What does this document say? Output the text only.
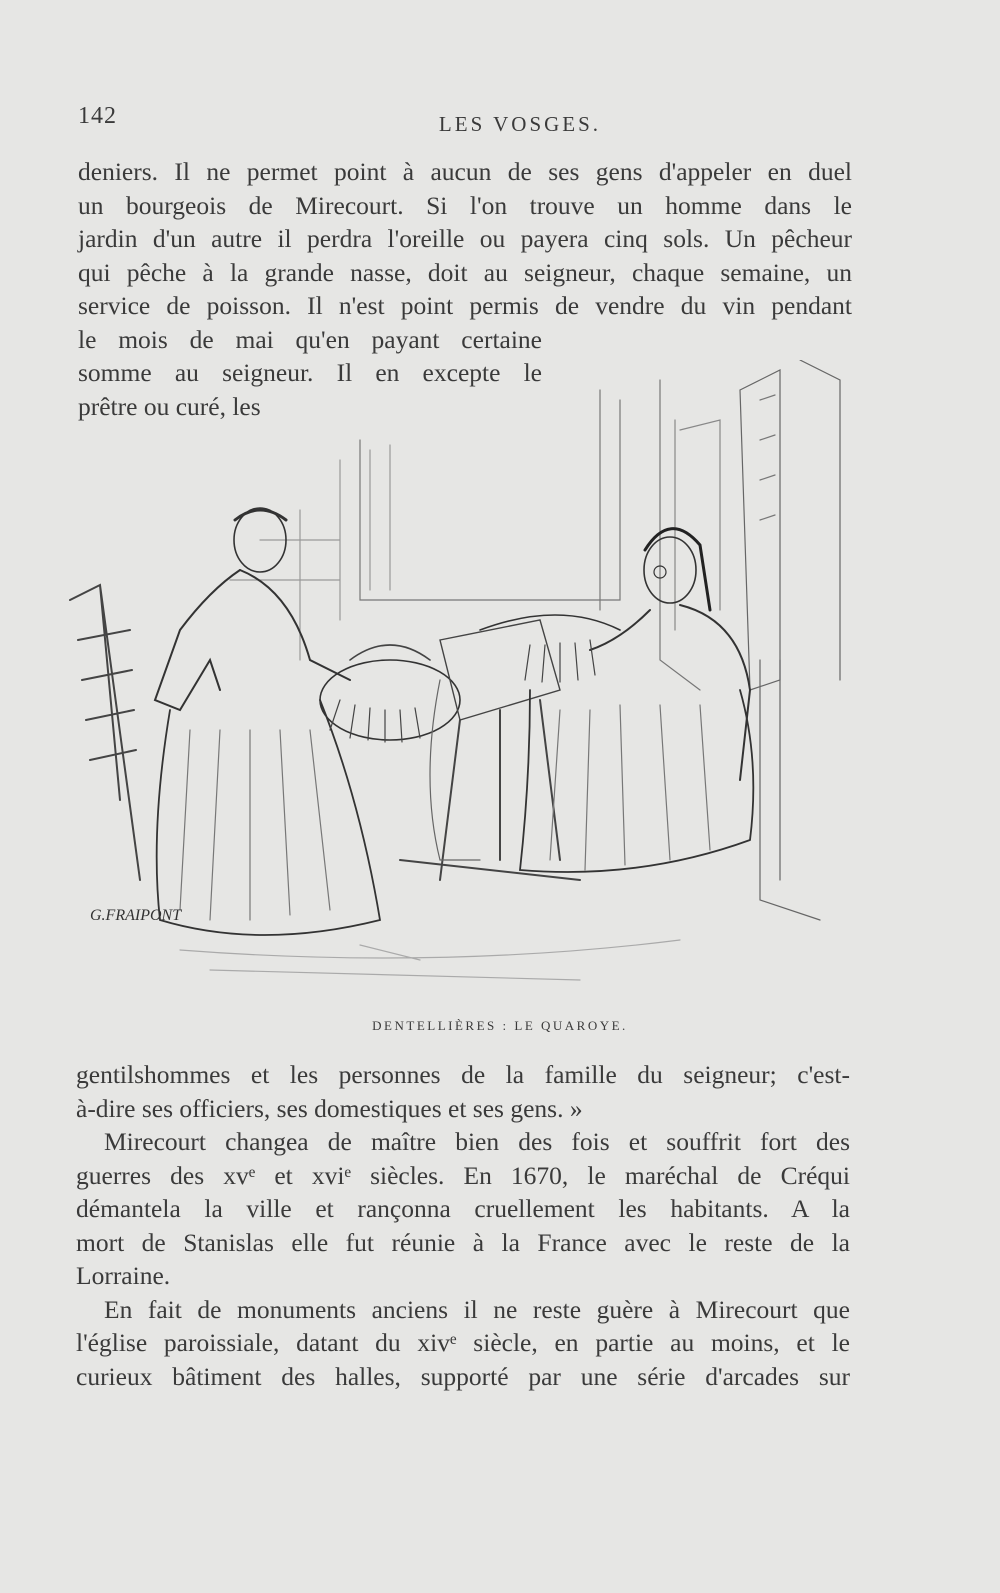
142	LES VOSGES.
deniers. Il ne permet point à aucun de ses gens d'appeler en duel
un bourgeois de Mirecourt. Si l'on trouve un homme dans le
jardin d'un autre il perdra l'oreille ou payera cinq sols. Un pêcheur
qui pêche à la grande nasse, doit au seigneur, chaque semaine, un
service de poisson. Il n'est point permis de vendre du vin pendant
le mois de mai qu'en payant certaine
somme au seigneur. Il en excepte le
prêtre ou curé, les
G.FRAIPONT
DENTELLIÈRES : LE QUAROYE.
gentilshommes et les personnes de la famille du seigneur; c'est-
à-dire ses officiers, ses domestiques et ses gens. »
Mirecourt changea de maître bien des fois et souffrit fort des
guerres des xvᵉ et xviᵉ siècles. En 1670, le maréchal de Créqui
démantela la ville et rançonna cruellement les habitants. A la
mort de Stanislas elle fut réunie à la France avec le reste de la
Lorraine.
En fait de monuments anciens il ne reste guère à Mirecourt que
l'église paroissiale, datant du xivᵉ siècle, en partie au moins, et le
curieux bâtiment des halles, supporté par une série d'arcades sur
